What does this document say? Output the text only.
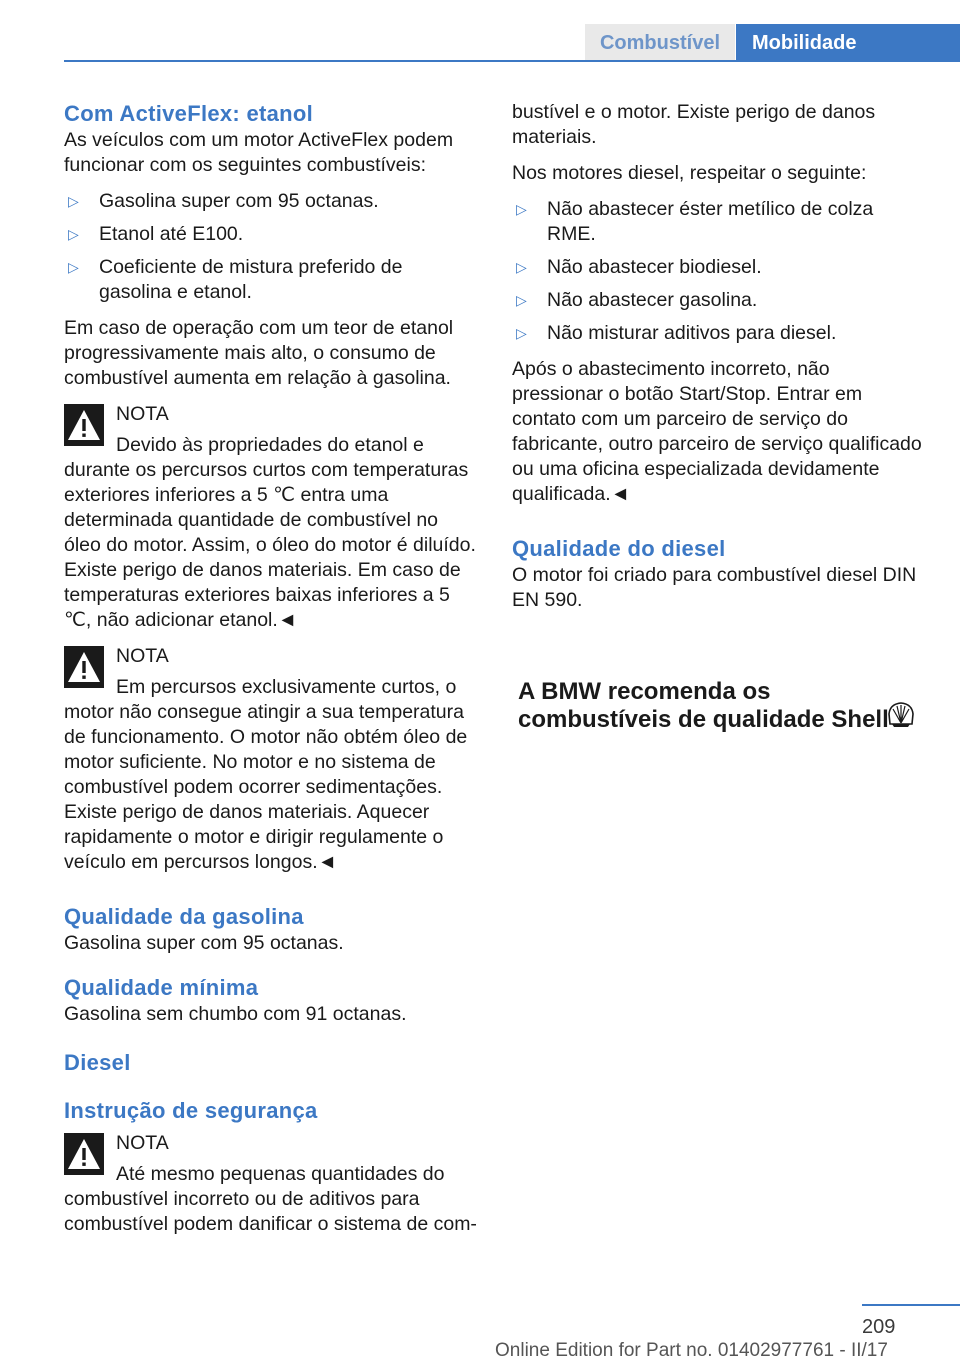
Combustível	Mobilidade
Com ActiveFlex: etanol

As veículos com um motor ActiveFlex podem funcionar com os seguintes combustíveis:

▷ Gasolina super com 95 octanas.
▷ Etanol até E100.
▷ Coeficiente de mistura preferido de gasolina e etanol.

Em caso de operação com um teor de etanol progressivamente mais alto, o consumo de combustível aumenta em relação à gasolina.

NOTA

Devido às propriedades do etanol e durante os percursos curtos com temperaturas exteriores inferiores a 5 ℃ entra uma determinada quantidade de combustível no óleo do motor. Assim, o óleo do motor é diluído. Existe perigo de danos materiais. Em caso de temperaturas exteriores baixas inferiores a 5 ℃, não adicionar etanol.◄

NOTA

Em percursos exclusivamente curtos, o motor não consegue atingir a sua temperatura de funcionamento. O motor não obtém óleo de motor suficiente. No motor e no sistema de combustível podem ocorrer sedimentações. Existe perigo de danos materiais. Aquecer rapidamente o motor e dirigir regulamente o veículo em percursos longos.◄

Qualidade da gasolina

Gasolina super com 95 octanas.

Qualidade mínima

Gasolina sem chumbo com 91 octanas.

Diesel
Instrução de segurança
NOTA

Até mesmo pequenas quantidades do combustível incorreto ou de aditivos para combustível podem danificar o sistema de com-

bustível e o motor. Existe perigo de danos materiais.

Nos motores diesel, respeitar o seguinte:

▷ Não abastecer éster metílico de colza RME.
▷ Não abastecer biodiesel.
▷ Não abastecer gasolina.
▷ Não misturar aditivos para diesel.

Após o abastecimento incorreto, não pressionar o botão Start/Stop. Entrar em contato com um parceiro de serviço do fabricante, outro parceiro de serviço qualificado ou uma oficina especializada devidamente qualificada.◄

Qualidade do diesel

O motor foi criado para combustível diesel DIN EN 590.

A BMW recomenda os
combustíveis de qualidade Shell
209
Online Edition for Part no. 01402977761 - II/17
